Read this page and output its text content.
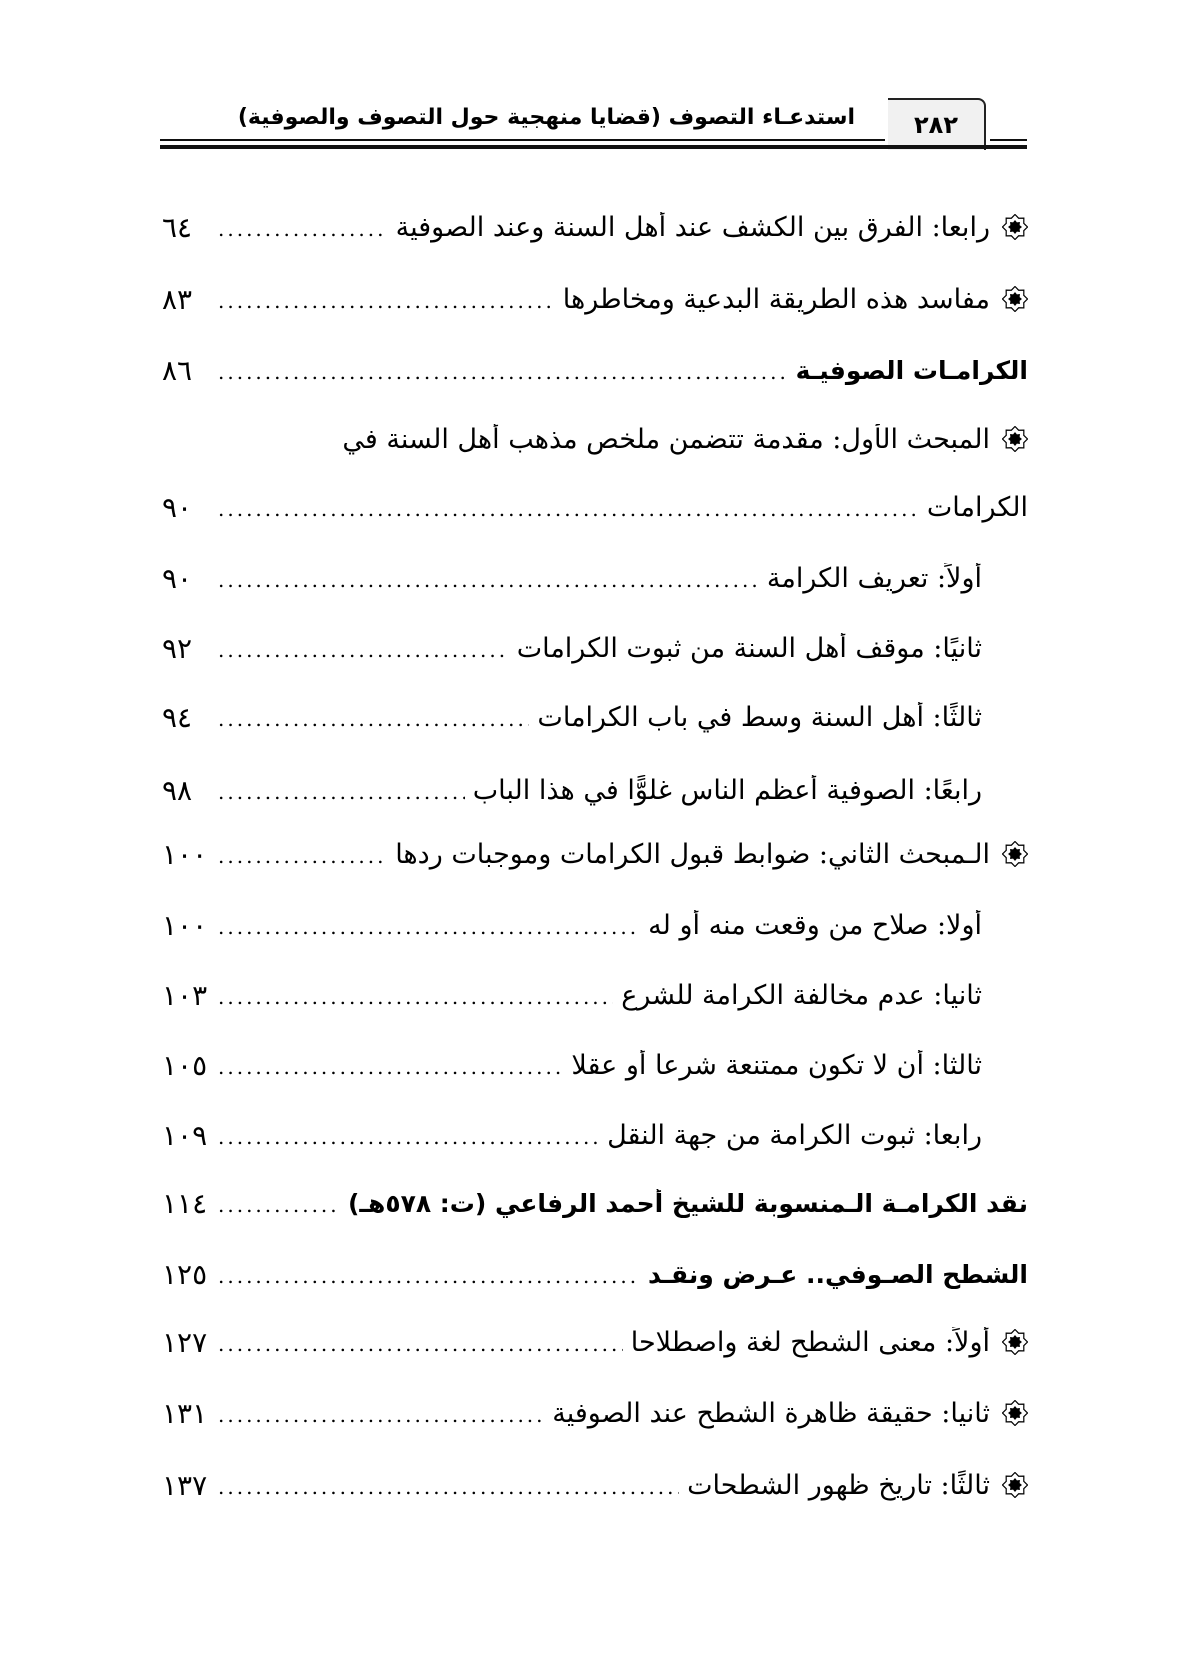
استدعـاء التصوف (قضايا منهجية حول التصوف والصوفية)	٢٨٢
رابعا: الفرق بين الكشف عند أهل السنة وعند الصوفية
.....
٦٤
مفاسد هذه الطريقة البدعية ومخاطرها
.....
٨٣
الكرامـات الصوفيـة
.....
٨٦
المبحث الأول: مقدمة تتضمن ملخص مذهب أهل السنة في
الكرامات
.....
٩٠
أولاً: تعريف الكرامة
.....
٩٠
ثانيًا: موقف أهل السنة من ثبوت الكرامات
.....
٩٢
ثالثًا: أهل السنة وسط في باب الكرامات
.....
٩٤
رابعًا: الصوفية أعظم الناس غلوًّا في هذا الباب
.....
٩٨
الـمبحث الثاني: ضوابط قبول الكرامات وموجبات ردها
.....
١٠٠
أولا: صلاح من وقعت منه أو له
.....
١٠٠
ثانيا: عدم مخالفة الكرامة للشرع
.....
١٠٣
ثالثا: أن لا تكون ممتنعة شرعا أو عقلا
.....
١٠٥
رابعا: ثبوت الكرامة من جهة النقل
.....
١٠٩
نقد الكرامـة الـمنسوبة للشيخ أحمد الرفاعي (ت: ٥٧٨هـ)
.....
١١٤
الشطح الصـوفي.. عـرض ونقـد
.....
١٢٥
أولاً: معنى الشطح لغة واصطلاحا
.....
١٢٧
ثانيا: حقيقة ظاهرة الشطح عند الصوفية
.....
١٣١
ثالثًا: تاريخ ظهور الشطحات
.....
١٣٧
